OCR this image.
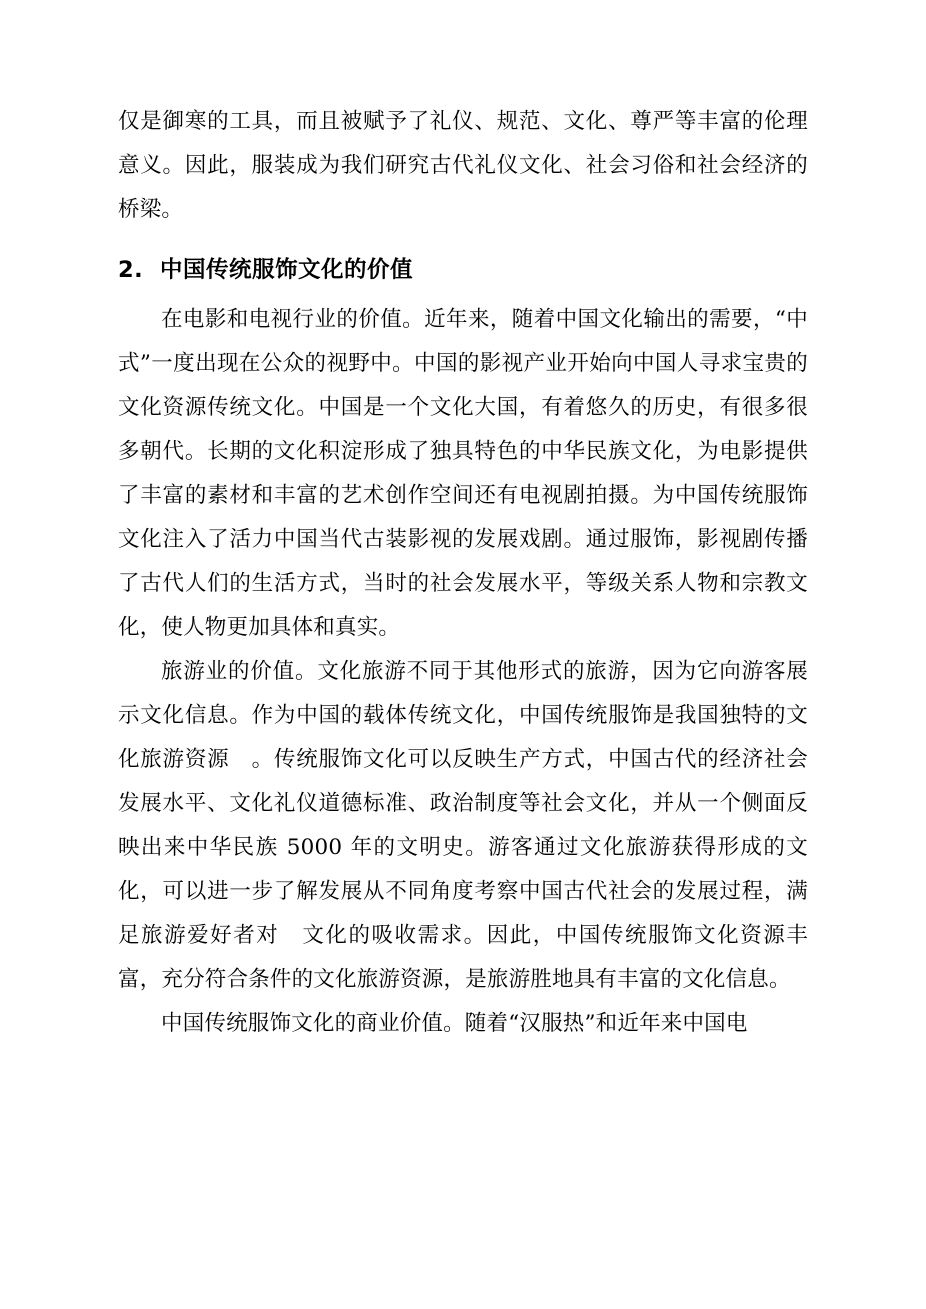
仅是御寒的工具，而且被赋予了礼仪、规范、文化、尊严等丰富的伦理意义。因此，服装成为我们研究古代礼仪文化、社会习俗和社会经济的桥梁。

2. 中国传统服饰文化的价值

在电影和电视行业的价值。近年来，随着中国文化输出的需要，“中式”一度出现在公众的视野中。中国的影视产业开始向中国人寻求宝贵的文化资源传统文化。中国是一个文化大国，有着悠久的历史，有很多很多朝代。长期的文化积淀形成了独具特色的中华民族文化，为电影提供了丰富的素材和丰富的艺术创作空间还有电视剧拍摄。为中国传统服饰文化注入了活力中国当代古装影视的发展戏剧。通过服饰，影视剧传播了古代人们的生活方式，当时的社会发展水平，等级关系人物和宗教文化，使人物更加具体和真实。

旅游业的价值。文化旅游不同于其他形式的旅游，因为它向游客展示文化信息。作为中国的载体传统文化，中国传统服饰是我国独特的文化旅游资源　。传统服饰文化可以反映生产方式，中国古代的经济社会发展水平、文化礼仪道德标准、政治制度等社会文化，并从一个侧面反映出来中华民族 5000 年的文明史。游客通过文化旅游获得形成的文化，可以进一步了解发展从不同角度考察中国古代社会的发展过程，满足旅游爱好者对　文化的吸收需求。因此，中国传统服饰文化资源丰富，充分符合条件的文化旅游资源，是旅游胜地具有丰富的文化信息。

中国传统服饰文化的商业价值。随着“汉服热”和近年来中国电
